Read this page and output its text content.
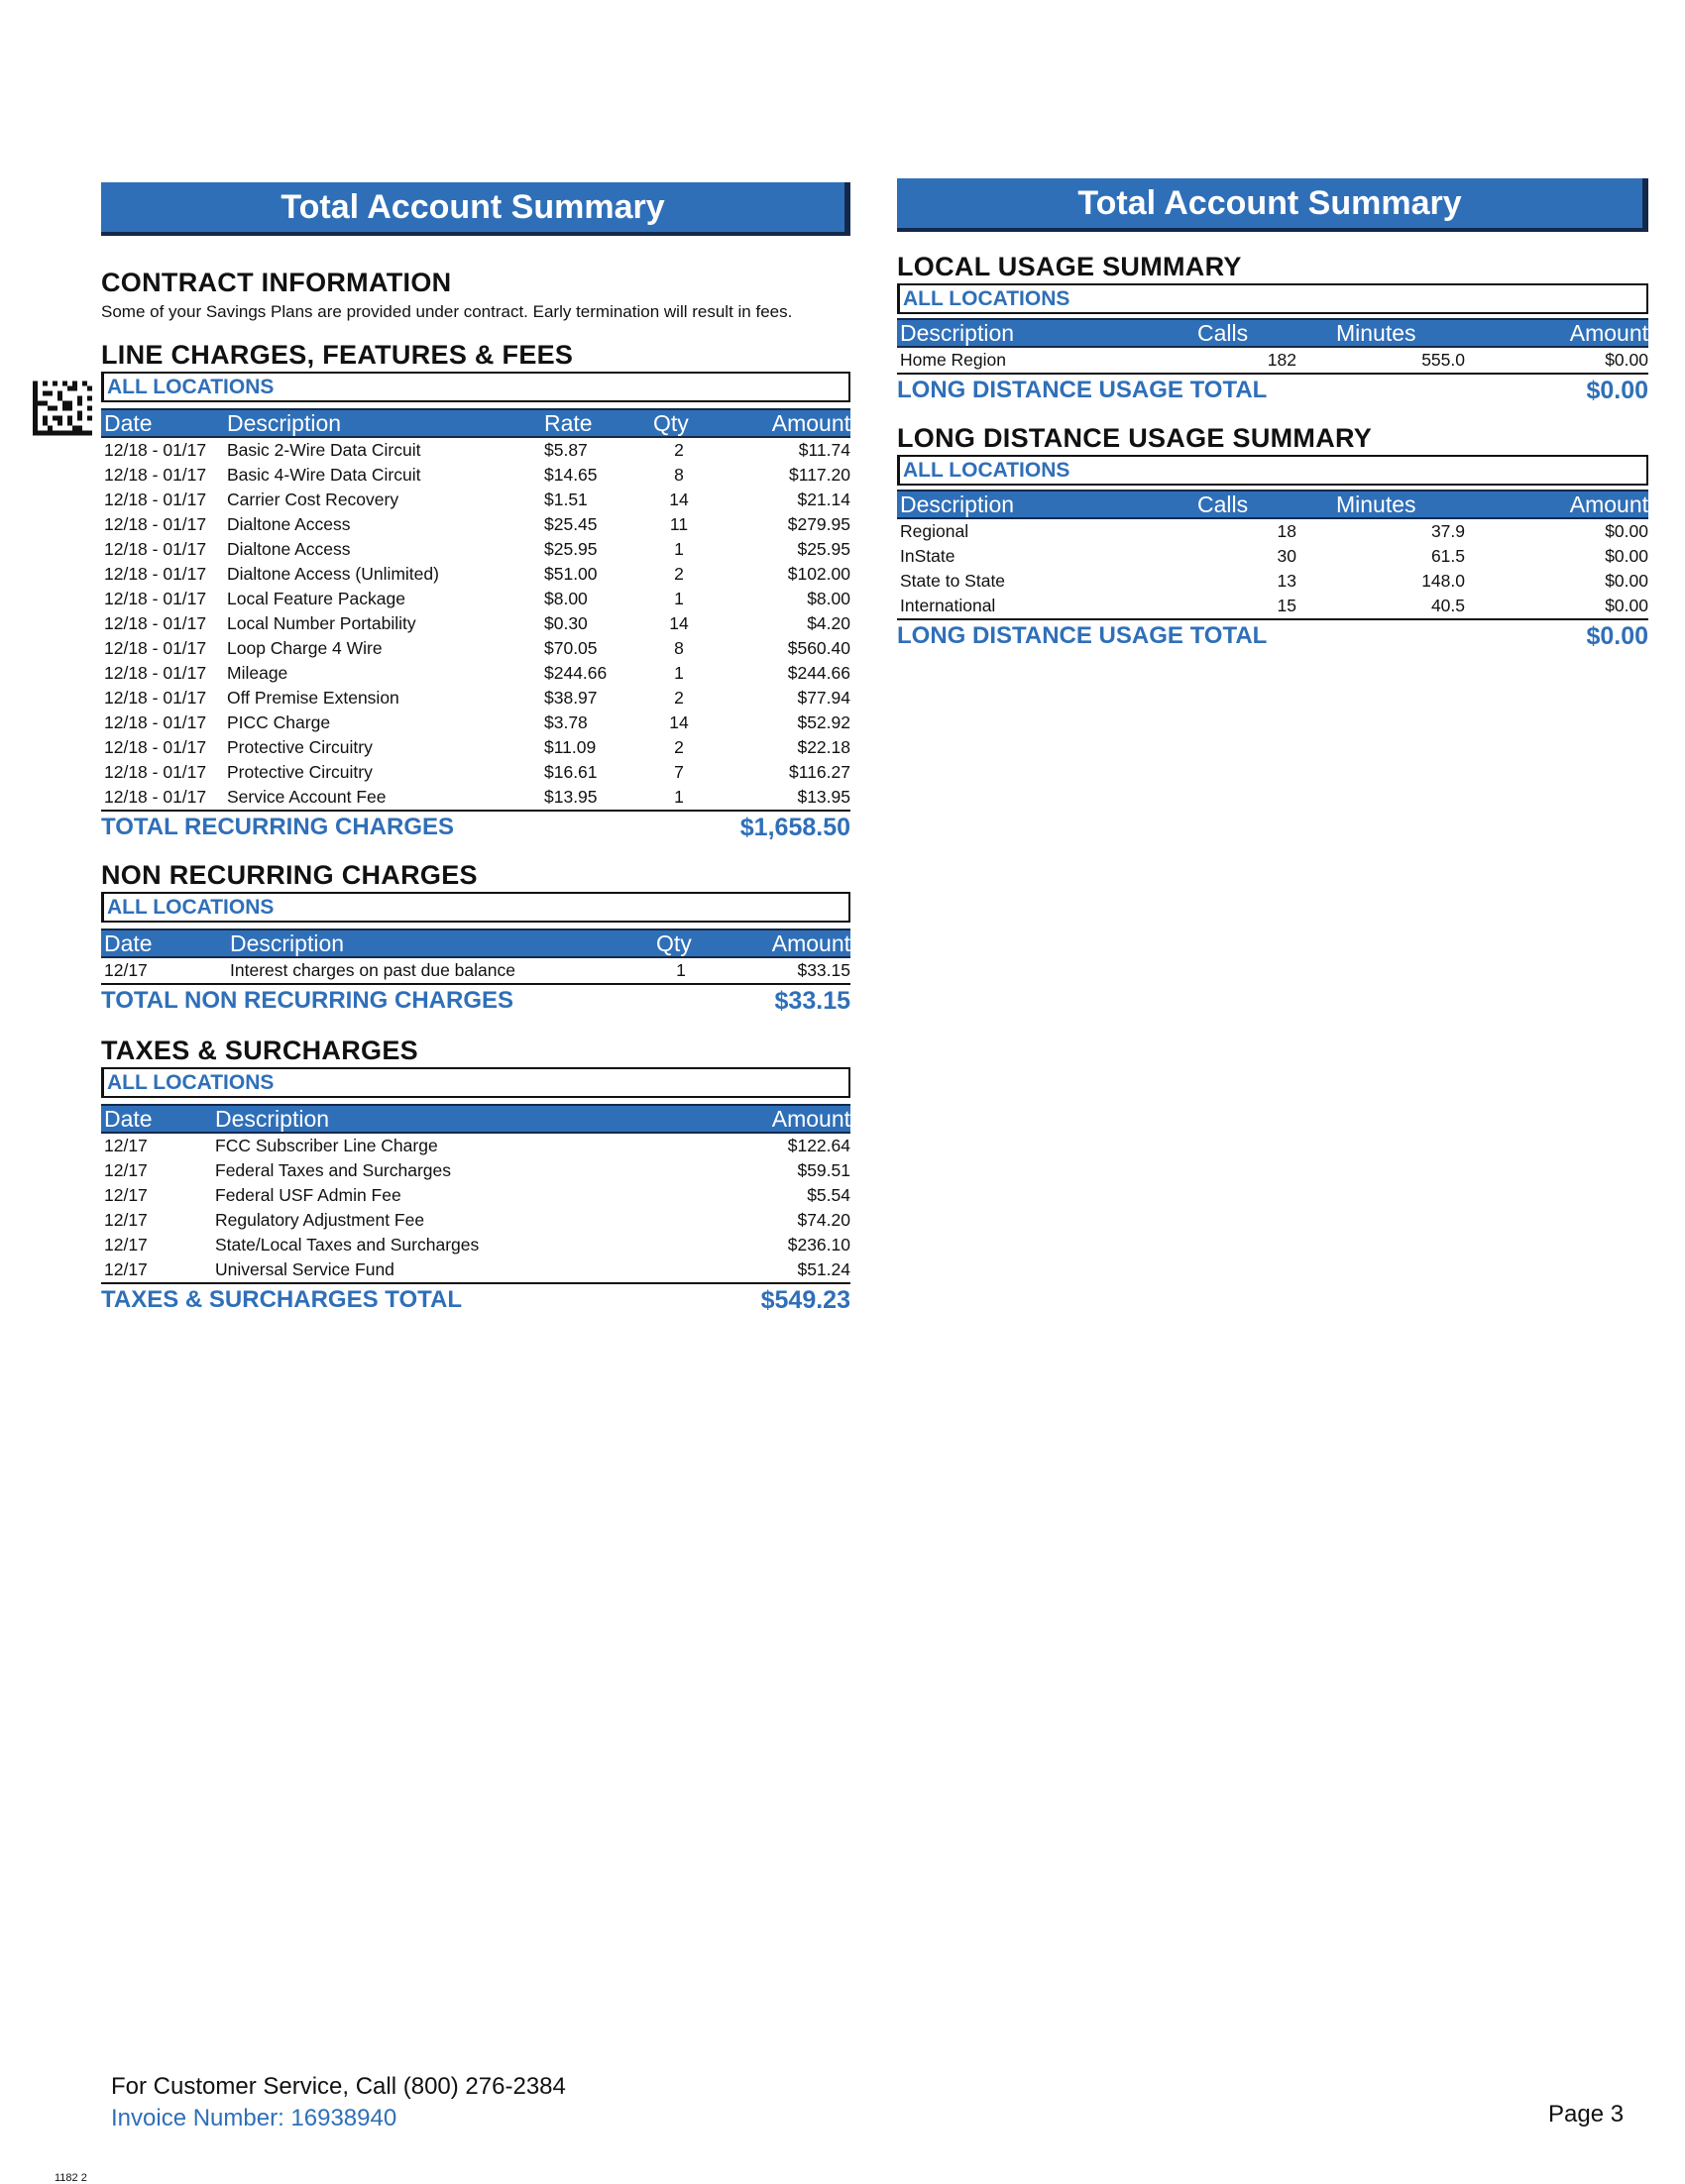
Total Account Summary
CONTRACT INFORMATION
Some of your Savings Plans are provided under contract. Early termination will result in fees.
LINE CHARGES, FEATURES & FEES
ALL LOCATIONS
Date	Description	Rate	Qty	Amount
12/18 - 01/17	Basic 2-Wire Data Circuit	$5.87	2	$11.74
12/18 - 01/17	Basic 4-Wire Data Circuit	$14.65	8	$117.20
12/18 - 01/17	Carrier Cost Recovery	$1.51	14	$21.14
12/18 - 01/17	Dialtone Access	$25.45	11	$279.95
12/18 - 01/17	Dialtone Access	$25.95	1	$25.95
12/18 - 01/17	Dialtone Access (Unlimited)	$51.00	2	$102.00
12/18 - 01/17	Local Feature Package	$8.00	1	$8.00
12/18 - 01/17	Local Number Portability	$0.30	14	$4.20
12/18 - 01/17	Loop Charge 4 Wire	$70.05	8	$560.40
12/18 - 01/17	Mileage	$244.66	1	$244.66
12/18 - 01/17	Off Premise Extension	$38.97	2	$77.94
12/18 - 01/17	PICC Charge	$3.78	14	$52.92
12/18 - 01/17	Protective Circuitry	$11.09	2	$22.18
12/18 - 01/17	Protective Circuitry	$16.61	7	$116.27
12/18 - 01/17	Service Account Fee	$13.95	1	$13.95
TOTAL RECURRING CHARGES	$1,658.50
NON RECURRING CHARGES
ALL LOCATIONS
Date	Description	Qty	Amount
12/17	Interest charges on past due balance	1	$33.15
TOTAL NON RECURRING CHARGES	$33.15
TAXES & SURCHARGES
ALL LOCATIONS
Date	Description	Amount
12/17	FCC Subscriber Line Charge	$122.64
12/17	Federal Taxes and Surcharges	$59.51
12/17	Federal USF Admin Fee	$5.54
12/17	Regulatory Adjustment Fee	$74.20
12/17	State/Local Taxes and Surcharges	$236.10
12/17	Universal Service Fund	$51.24
TAXES & SURCHARGES TOTAL	$549.23
Total Account Summary
LOCAL USAGE SUMMARY
ALL LOCATIONS
Description	Calls	Minutes	Amount
Home Region	182	555.0	$0.00
LONG DISTANCE USAGE TOTAL	$0.00
LONG DISTANCE USAGE SUMMARY
ALL LOCATIONS
Description	Calls	Minutes	Amount
Regional	18	37.9	$0.00
InState	30	61.5	$0.00
State to State	13	148.0	$0.00
International	15	40.5	$0.00
LONG DISTANCE USAGE TOTAL	$0.00
For Customer Service, Call (800) 276-2384
Invoice Number: 16938940	Page 3
1182 2
